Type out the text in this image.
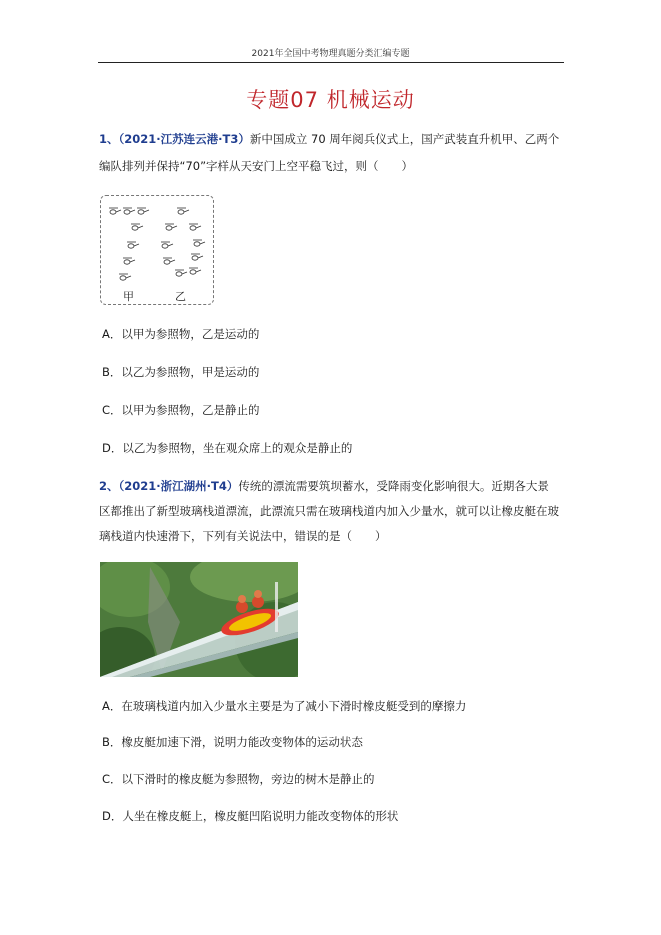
2021年全国中考物理真题分类汇编专题
专题07 机械运动
1、（2021·江苏连云港·T3）新中国成立 70 周年阅兵仪式上，国产武装直升机甲、乙两个
编队排列并保持“70”字样从天安门上空平稳飞过，则（　　）
甲	乙
A．以甲为参照物，乙是运动的
B．以乙为参照物，甲是运动的
C．以甲为参照物，乙是静止的
D．以乙为参照物，坐在观众席上的观众是静止的
2、（2021·浙江湖州·T4）传统的漂流需要筑坝蓄水，受降雨变化影响很大。近期各大景
区都推出了新型玻璃栈道漂流，此漂流只需在玻璃栈道内加入少量水，就可以让橡皮艇在玻
璃栈道内快速滑下，下列有关说法中，错误的是（　　）
A．在玻璃栈道内加入少量水主要是为了减小下滑时橡皮艇受到的摩擦力
B．橡皮艇加速下滑，说明力能改变物体的运动状态
C．以下滑时的橡皮艇为参照物，旁边的树木是静止的
D．人坐在橡皮艇上，橡皮艇凹陷说明力能改变物体的形状
